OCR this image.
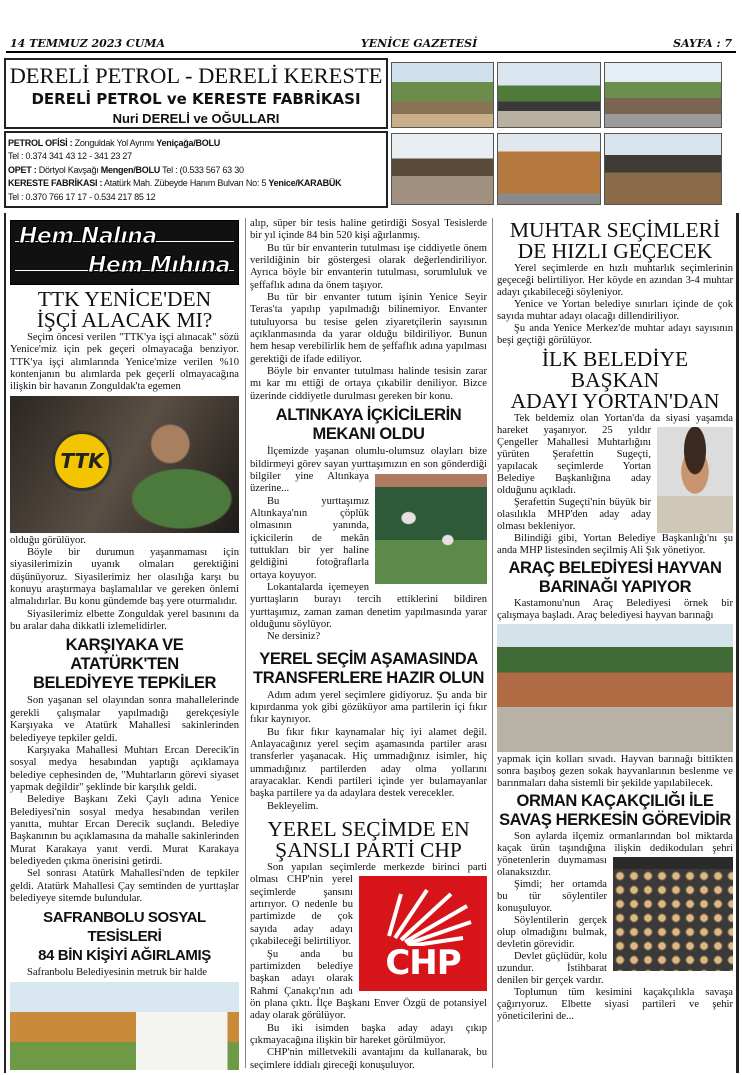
14 TEMMUZ 2023 CUMA	YENİCE GAZETESİ	SAYFA : 7
DERELİ PETROL - DERELİ KERESTE
DERELİ PETROL ve KERESTE FABRİKASI
Nuri DERELİ ve OĞULLARI
PETROL OFİSİ : Zonguldak Yol Ayrımı Yeniçağa/BOLU
Tel : 0.374 341 43 12 - 341 23 27
OPET : Dörtyol Kavşağı Mengen/BOLU Tel : (0.533 567 63 30
KERESTE FABRİKASI : Atatürk Mah. Zübeyde Hanım Bulvarı No: 5 Yenice/KARABÜK
Tel : 0.370 766 17 17 - 0.534 217 85 12
Hem Nalına
Hem Mıhına
TTK YENİCE'DEN
İŞÇİ ALACAK MI?

Seçim öncesi verilen "TTK'ya işçi alınacak" sözü Yenice'miz için pek geçeri olmayacağa benziyor. TTK'ya işçi alımlarında Yenice'mize verilen %10 kontenjanın bu alımlarda pek geçerli olmayacağına ilişkin bir havanın Zonguldak'ta egemen

TTK

olduğu görülüyor.

Böyle bir durumun yaşanmaması için siyasilerimizin uyanık olmaları gerektiğini düşünüyoruz. Siyasilerimiz her olasılığa karşı bu konuyu araştırmaya başlamalılar ve gereken önlemi almalıdırlar. Bu konu gündemde baş yere oturmalıdır.

Siyasilerimiz elbette Zonguldak yerel basınını da bu aralar daha dikkatli izlemelidirler.

KARŞIYAKA VE ATATÜRK'TEN
BELEDİYEYE TEPKİLER

Son yaşanan sel olayından sonra mahallelerinde gerekli çalışmalar yapılmadığı gerekçesiyle Karşıyaka ve Atatürk Mahallesi sakinlerinden belediyeye tepkiler geldi.

Karşıyaka Mahallesi Muhtarı Ercan Derecik'in sosyal medya hesabından yaptığı açıklamaya belediye cephesinden de, "Muhtarların görevi siyaset yapmak değildir" şeklinde bir karşılık geldi.

Belediye Başkanı Zeki Çaylı adına Yenice Belediyesi'nin sosyal medya hesabından verilen yanıtta, muhtar Ercan Derecik suçlandı. Belediye Başkanının bu açıklamasına da mahalle sakinlerinden Murat Karakaya yanıt verdi. Murat Karakaya belediyeden çıkma önerisini getirdi.

Sel sonrası Atatürk Mahallesi'nden de tepkiler geldi. Atatürk Mahallesi Çay semtinden de yurttaşlar belediyeye sitemde bulundular.

SAFRANBOLU SOSYAL TESİSLERİ
84 BİN KİŞİYİ AĞIRLAMIŞ

Safranbolu Belediyesinin metruk bir halde

alıp, süper bir tesis haline getirdiği Sosyal Tesislerde bir yıl içinde 84 bin 520 kişi ağırlanmış.

Bu tür bir envanterin tutulması işe ciddiyetle önem verildiğinin bir göstergesi olarak değerlendiriliyor. Ayrıca böyle bir envanterin tutulması, sorumluluk ve şeffaflık adına da önem taşıyor.

Bu tür bir envanter tutum işinin Yenice Seyir Teras'ta yapılıp yapılmadığı bilinemiyor. Envanter tutuluyorsa bu tesise gelen ziyaretçilerin sayısının açıklanmasında da yarar olduğu bildiriliyor. Bunun hem hesap verebilirlik hem de şeffaflık adına yapılması gerektiği de ifade ediliyor.

Böyle bir envanter tutulması halinde tesisin zarar mı kar mı ettiği de ortaya çıkabilir deniliyor. Bizce üzerinde ciddiyetle durulması gereken bir konu.

ALTINKAYA İÇKİCİLERİN
MEKANI OLDU

İlçemizde yaşanan olumlu-olumsuz olayları bize bildirmeyi görev sayan yurttaşımızın en son gönderdiği bilgiler yine Altınkaya üzerine...

Bu yurttaşımız Altınkaya'nın çöplük olmasının yanında, içkicilerin de mekân tuttukları bir yer haline geldiğini fotoğraflarla ortaya koyuyor.

Lokantalarda içemeyen yurttaşların burayı tercih ettiklerini bildiren yurttaşımız, zaman zaman denetim yapılmasında yarar olduğunu söylüyor.

Ne dersiniz?

YEREL SEÇİM AŞAMASINDA
TRANSFERLERE HAZIR OLUN

Adım adım yerel seçimlere gidiyoruz. Şu anda bir kıpırdanma yok gibi gözüküyor ama partilerin içi fıkır fıkır kaynıyor.

Bu fıkır fıkır kaynamalar hiç iyi alamet değil. Anlayacağınız yerel seçim aşamasında partiler arası transferler yaşanacak. Hiç ummadığınız isimler, hiç ummadığınız partilerden aday olma yollarını arayacaklar. Kendi partileri içinde yer bulamayanlar başka partilere ya da adaylara destek verecekler.

Bekleyelim.

YEREL SEÇİMDE EN
ŞANSLI PARTİ CHP
CHP

Son yapılan seçimlerde merkezde birinci parti olması CHP'nin yerel seçimlerde şansını artırıyor. O nedenle bu partimizde de çok sayıda aday adayı çıkabileceği belirtiliyor.

Şu anda bu partimizden belediye başkan adayı olarak Rahmi Çanakçı'nın adı ön plana çıktı. İlçe Başkanı Enver Özgü de potansiyel aday olarak görülüyor.

Bu iki isimden başka aday adayı çıkıp çıkmayacağına ilişkin bir hareket görülmüyor.

CHP'nin milletvekili avantajını da kullanarak, bu seçimlere iddialı gireceği konuşuluyor.

MUHTAR SEÇİMLERİ
DE HIZLI GEÇECEK

Yerel seçimlerde en hızlı muhtarlık seçimlerinin geçeceği belirtiliyor. Her köyde en azından 3-4 muhtar adayı çıkabileceği söyleniyor.

Yenice ve Yortan belediye sınırları içinde de çok sayıda muhtar adayı olacağı dillendiriliyor.

Şu anda Yenice Merkez'de muhtar adayı sayısının beşi geçtiği görülüyor.

İLK BELEDİYE BAŞKAN
ADAYI YORTAN'DAN

Tek beldemiz olan Yortan'da da siyasi yaşamda hareket yaşanıyor. 25 yıldır Çengeller Mahallesi Muhtarlığını yürüten Şerafettin Sugeçti, yapılacak seçimlerde Yortan Belediye Başkanlığına aday olduğunu açıkladı.

Şerafettin Sugeçti'nin büyük bir olasılıkla MHP'den aday aday olması bekleniyor.

Bilindiği gibi, Yortan Belediye Başkanlığı'nı şu anda MHP listesinden seçilmiş Ali Şık yönetiyor.

ARAÇ BELEDİYESİ HAYVAN
BARINAĞI YAPIYOR

Kastamonu'nun Araç Belediyesi örnek bir çalışmaya başladı. Araç belediyesi hayvan barınağı

yapmak için kolları sıvadı. Hayvan barınağı bittikten sonra başıboş gezen sokak hayvanlarının beslenme ve barınmaları daha sistemli bir şekilde yapılabilecek.

ORMAN KAÇAKÇILIĞI İLE
SAVAŞ HERKESİN GÖREVİDİR

Son aylarda ilçemiz ormanlarından bol miktarda kaçak ürün taşındığına ilişkin dedikoduları şehri yönetenlerin duymaması olanaksızdır.

Şimdi; her ortamda bu tür söylentiler konuşuluyor.

Söylentilerin gerçek olup olmadığını bulmak, devletin görevidir.

Devlet güçlüdür, kolu uzundur. İstihbarat denilen bir gerçek vardır.

Toplumun tüm kesimini kaçakçılıkla savaşa çağırıyoruz. Elbette siyasi partileri ve şehir yöneticilerini de...
